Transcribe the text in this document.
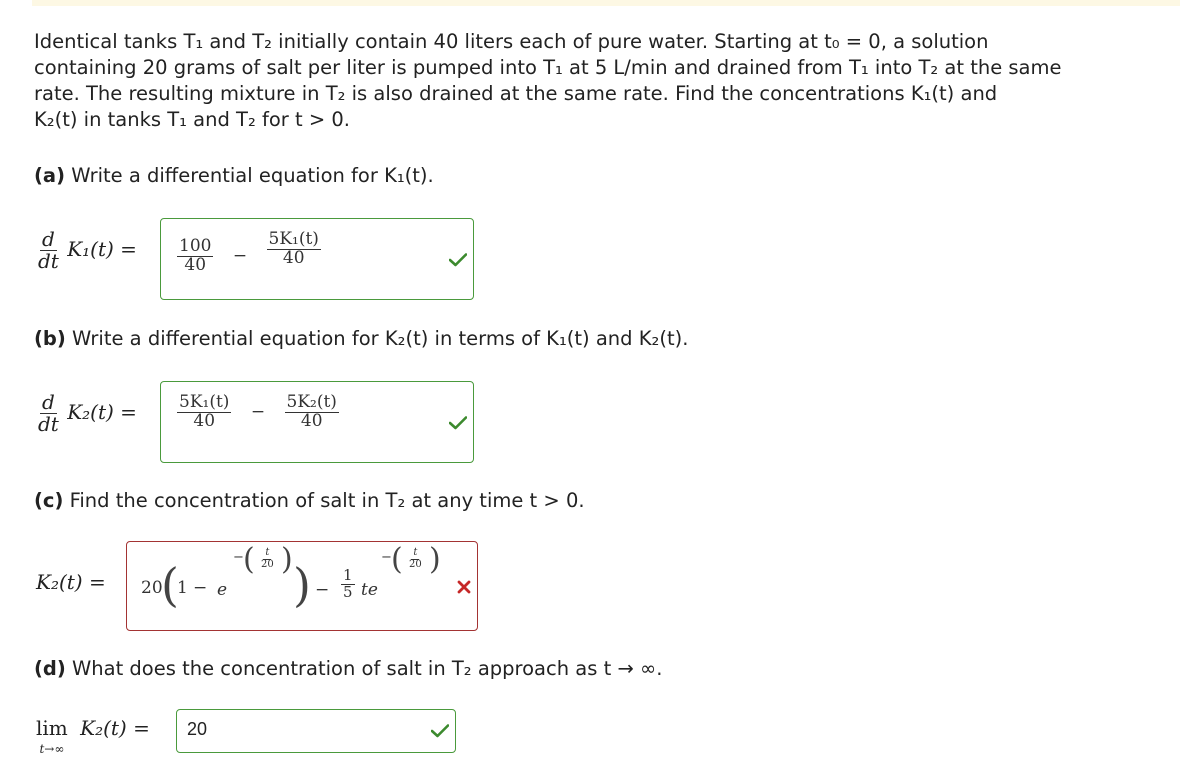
Identical tanks T₁ and T₂ initially contain 40 liters each of pure water. Starting at t₀ = 0, a solution

containing 20 grams of salt per liter is pumped into T₁ at 5 L/min and drained from T₁ into T₂ at the same

rate. The resulting mixture in T₂ is also drained at the same rate. Find the concentrations K₁(t) and

K₂(t) in tanks T₁ and T₂ for t > 0.

(a) Write a differential equation for K₁(t).

$\frac{d}{dt} K_1(t) = \frac{100}{40} - \frac{\text{5K₁(t)}}{40}$

(b) Write a differential equation for K₂(t) in terms of K₁(t) and K₂(t).

$\frac{d}{dt} K_2(t) = \frac{\text{5K₁(t)}}{40} - \frac{\text{5K₂(t)}}{40}$

(c) Find the concentration of salt in T₂ at any time t > 0.

K₂(t) = 20
(
1 − e
− ( $\frac{t}{20}$ ) ) − $\frac{1}{5}$ te
− ( $\frac{t}{20}$ )

(d) What does the concentration of salt in T₂ approach as t → ∞.

lim
t→∞
K₂(t) = 20
